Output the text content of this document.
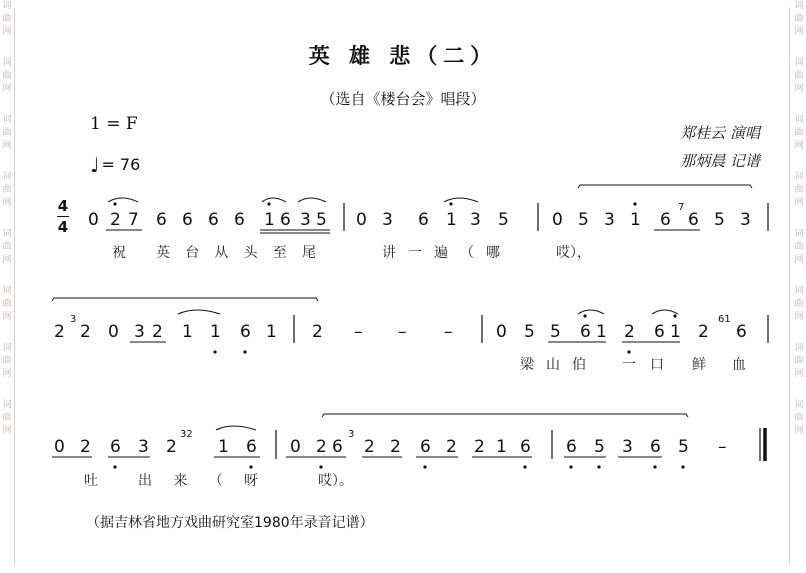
词
曲
网
词
曲
网
词
曲
网
词
曲
网
词
曲
网
词
曲
网
词
曲
网
词
曲
网
词
曲
网
词
曲
网
词
曲
网
词
曲
网
词
曲
网
词
曲
网
词
曲
网
词
曲
网
英 雄 悲（二）
（选自《楼台会》唱段）
1 = F
♩ = 76
郑桂云 演唱
那炳晨 记谱
4
4 0 2 7 6 6 6 6 1 6 3 5 0 3 6 1 3 5	0 5 3 1 6 6 5 3
7
祝 英台从头至尾	讲一遍（哪	哎），
2 2 0 3 2 1 1 6 1 2 – – –	0 5 5 6 1 2 6 1 2 6
3	61
梁山伯	一口 鲜 血
0 2 6 3 2 1 6 0 2 6 2 2 6 2 2 1 6 6 5 3 6 5 –
32	3
吐	出来（呀	哎）。
（据吉林省地方戏曲研究室1980年录音记谱）
